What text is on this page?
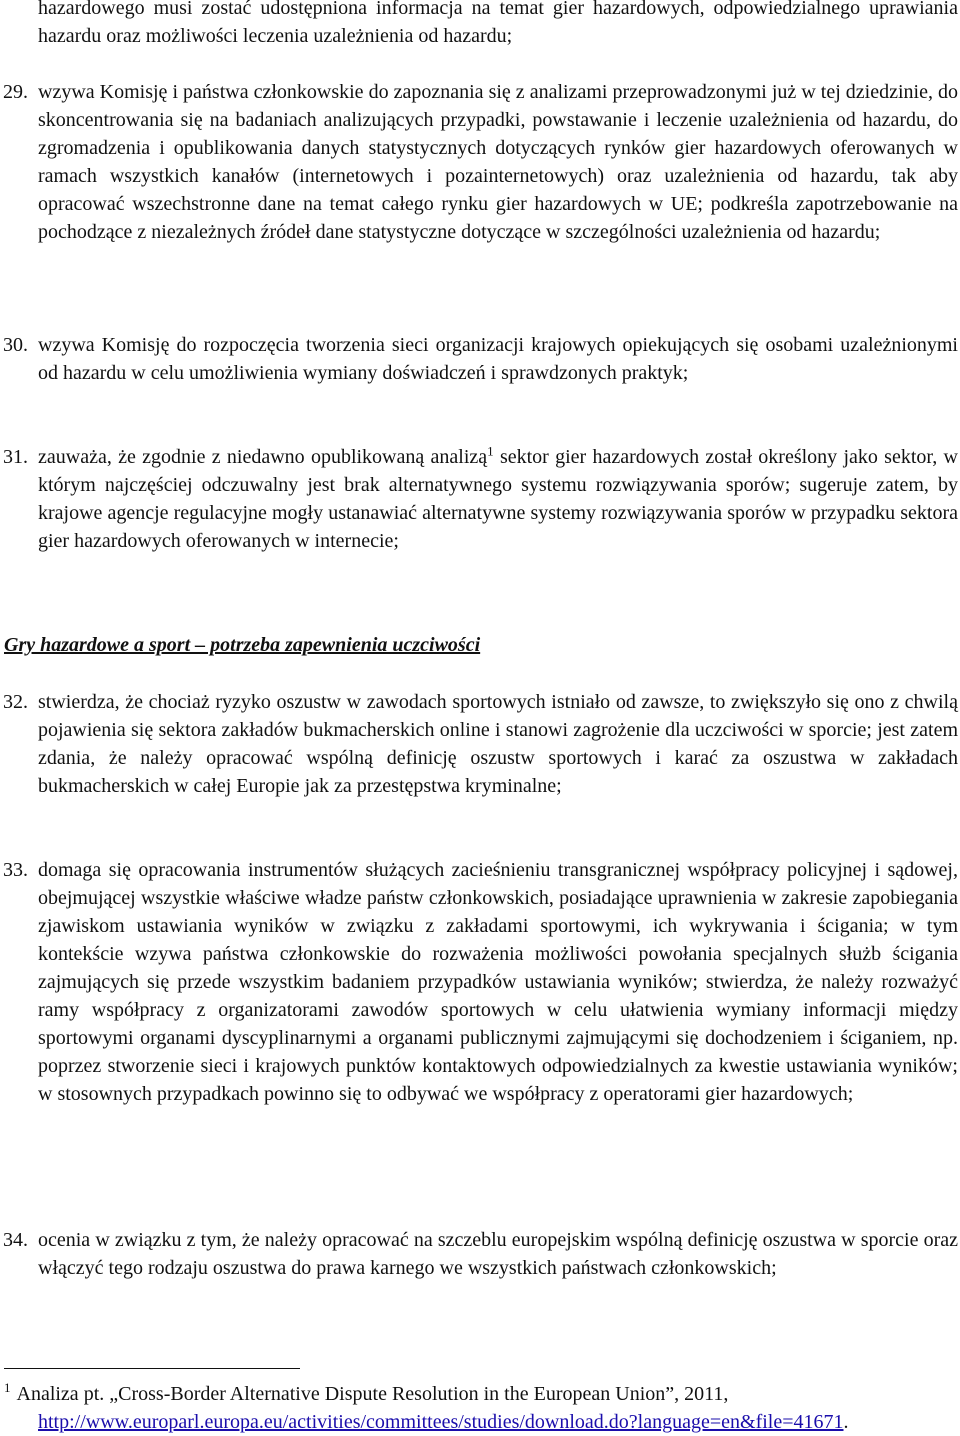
hazardowego musi zostać udostępniona informacja na temat gier hazardowych, odpowiedzialnego uprawiania hazardu oraz możliwości leczenia uzależnienia od hazardu;

29. wzywa Komisję i państwa członkowskie do zapoznania się z analizami przeprowadzonymi już w tej dziedzinie, do skoncentrowania się na badaniach analizujących przypadki, powstawanie i leczenie uzależnienia od hazardu, do zgromadzenia i opublikowania danych statystycznych dotyczących rynków gier hazardowych oferowanych w ramach wszystkich kanałów (internetowych i pozainternetowych) oraz uzależnienia od hazardu, tak aby opracować wszechstronne dane na temat całego rynku gier hazardowych w UE; podkreśla zapotrzebowanie na pochodzące z niezależnych źródeł dane statystyczne dotyczące w szczególności uzależnienia od hazardu;

30. wzywa Komisję do rozpoczęcia tworzenia sieci organizacji krajowych opiekujących się osobami uzależnionymi od hazardu w celu umożliwienia wymiany doświadczeń i sprawdzonych praktyk;

31. zauważa, że zgodnie z niedawno opublikowaną analizą$^1$ sektor gier hazardowych został określony jako sektor, w którym najczęściej odczuwalny jest brak alternatywnego systemu rozwiązywania sporów; sugeruje zatem, by krajowe agencje regulacyjne mogły ustanawiać alternatywne systemy rozwiązywania sporów w przypadku sektora gier hazardowych oferowanych w internecie;

Gry hazardowe a sport – potrzeba zapewnienia uczciwości

32. stwierdza, że chociaż ryzyko oszustw w zawodach sportowych istniało od zawsze, to zwiększyło się ono z chwilą pojawienia się sektora zakładów bukmacherskich online i stanowi zagrożenie dla uczciwości w sporcie; jest zatem zdania, że należy opracować wspólną definicję oszustw sportowych i karać za oszustwa w zakładach bukmacherskich w całej Europie jak za przestępstwa kryminalne;

33. domaga się opracowania instrumentów służących zacieśnieniu transgranicznej współpracy policyjnej i sądowej, obejmującej wszystkie właściwe władze państw członkowskich, posiadające uprawnienia w zakresie zapobiegania zjawiskom ustawiania wyników w związku z zakładami sportowymi, ich wykrywania i ścigania; w tym kontekście wzywa państwa członkowskie do rozważenia możliwości powołania specjalnych służb ścigania zajmujących się przede wszystkim badaniem przypadków ustawiania wyników; stwierdza, że należy rozważyć ramy współpracy z organizatorami zawodów sportowych w celu ułatwienia wymiany informacji między sportowymi organami dyscyplinarnymi a organami publicznymi zajmującymi się dochodzeniem i ściganiem, np. poprzez stworzenie sieci i krajowych punktów kontaktowych odpowiedzialnych za kwestie ustawiania wyników; w stosownych przypadkach powinno się to odbywać we współpracy z operatorami gier hazardowych;

34. ocenia w związku z tym, że należy opracować na szczeblu europejskim wspólną definicję oszustwa w sporcie oraz włączyć tego rodzaju oszustwa do prawa karnego we wszystkich państwach członkowskich;

$^1$ Analiza pt. „Cross-Border Alternative Dispute Resolution in the European Union”, 2011,
http://www.europarl.europa.eu/activities/committees/studies/download.do?language=en&file=41671.
